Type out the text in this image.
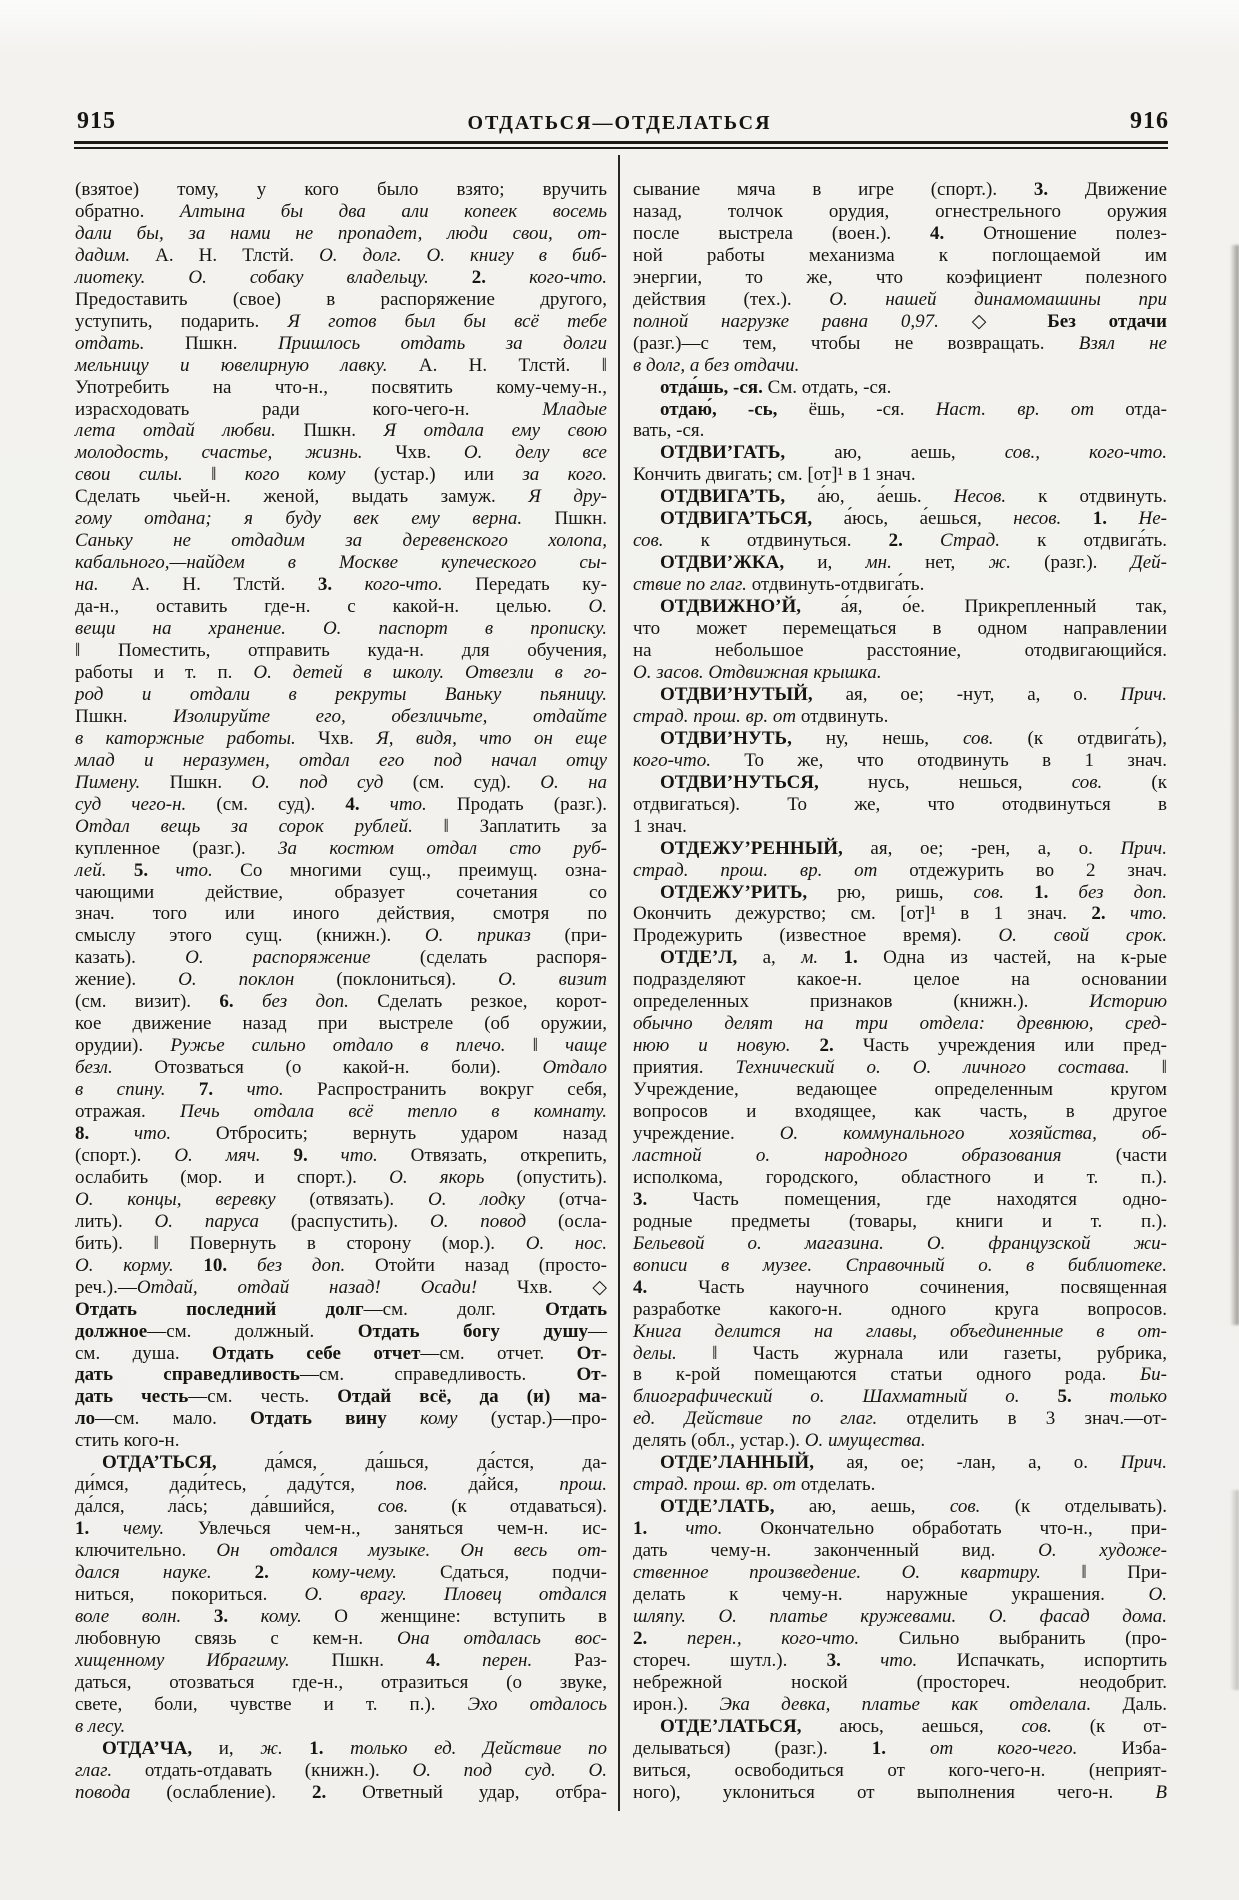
915	ОТДАТЬСЯ—ОТДЕЛАТЬСЯ	916
(взятое) тому, у кого было взято; вручить
обратно. Алтына бы два али копеек восемь
дали бы, за нами не пропадет, люди свои, от-
дадим. А. Н. Тлстй. О. долг. О. книгу в биб-
лиотеку. О. собаку владельцу. 2. кого-что.
Предоставить (свое) в распоряжение другого,
уступить, подарить. Я готов был бы всё тебе
отдать. Пшкн. Пришлось отдать за долги
мельницу и ювелирную лавку. А. Н. Тлстй. ‖
Употребить на что-н., посвятить кому-чему-н.,
израсходовать ради кого-чего-н. Младые
лета отдай любви. Пшкн. Я отдала ему свою
молодость, счастье, жизнь. Чхв. О. делу все
свои силы. ‖ кого кому (устар.) или за кого.
Сделать чьей-н. женой, выдать замуж. Я дру-
гому отдана; я буду век ему верна. Пшкн.
Саньку не отдадим за деревенского холопа,
кабального,—найдем в Москве купеческого сы-
на. А. Н. Тлстй. 3. кого-что. Передать ку-
да-н., оставить где-н. с какой-н. целью. О.
вещи на хранение. О. паспорт в прописку.
‖ Поместить, отправить куда-н. для обучения,
работы и т. п. О. детей в школу. Отвезли в го-
род и отдали в рекруты Ваньку пьяницу.
Пшкн. Изолируйте его, обезличьте, отдайте
в каторжные работы. Чхв. Я, видя, что он еще
млад и неразумен, отдал его под начал отцу
Пимену. Пшкн. О. под суд (см. суд). О. на
суд чего-н. (см. суд). 4. что. Продать (разг.).
Отдал вещь за сорок рублей. ‖ Заплатить за
купленное (разг.). За костюм отдал сто руб-
лей. 5. что. Со многими сущ., преимущ. озна-
чающими действие, образует сочетания со
знач. того или иного действия, смотря по
смыслу этого сущ. (книжн.). О. приказ (при-
казать). О. распоряжение (сделать распоря-
жение). О. поклон (поклониться). О. визит
(см. визит). 6. без доп. Сделать резкое, корот-
кое движение назад при выстреле (об оружии,
орудии). Ружье сильно отдало в плечо. ‖ чаще
безл. Отозваться (о какой-н. боли). Отдало
в спину. 7. что. Распространить вокруг себя,
отражая. Печь отдала всё тепло в комнату.
8. что. Отбросить; вернуть ударом назад
(спорт.). О. мяч. 9. что. Отвязать, открепить,
ослабить (мор. и спорт.). О. якорь (опустить).
О. концы, веревку (отвязать). О. лодку (отча-
лить). О. паруса (распустить). О. повод (осла-
бить). ‖ Повернуть в сторону (мор.). О. нос.
О. корму. 10. без доп. Отойти назад (просто-
реч.).—Отдай, отдай назад! Осади! Чхв. ◇
Отдать последний долг—см. долг. Отдать
должное—см. должный. Отдать богу душу—
см. душа. Отдать себе отчет—см. отчет. От-
дать справедливость—см. справедливость. От-
дать честь—см. честь. Отдай всё, да (и) ма-
ло—см. мало. Отдать вину кому (устар.)—про-
стить кого-н.
ОТДА’ТЬСЯ, да́мся, да́шься, да́стся, да-
ди́мся, дади́тесь, даду́тся, пов. да́йся, прош.
да́лся, ла́сь; да́вшийся, сов. (к отдаваться).
1. чему. Увлечься чем-н., заняться чем-н. ис-
ключительно. Он отдался музыке. Он весь от-
дался науке. 2. кому-чему. Сдаться, подчи-
ниться, покориться. О. врагу. Пловец отдался
воле волн. 3. кому. О женщине: вступить в
любовную связь с кем-н. Она отдалась вос-
хищенному Ибрагиму. Пшкн. 4. перен. Раз-
даться, отозваться где-н., отразиться (о звуке,
свете, боли, чувстве и т. п.). Эхо отдалось
в лесу.
ОТДА’ЧА, и, ж. 1. только ед. Действие по
глаг. отдать-отдавать (книжн.). О. под суд. О.
повода (ослабление). 2. Ответный удар, отбра-
сывание мяча в игре (спорт.). 3. Движение
назад, толчок орудия, огнестрельного оружия
после выстрела (воен.). 4. Отношение полез-
ной работы механизма к поглощаемой им
энергии, то же, что коэфициент полезного
действия (тех.). О. нашей динамомашины при
полной нагрузке равна 0,97. ◇ Без отдачи
(разг.)—с тем, чтобы не возвращать. Взял не
в долг, а без отдачи.
отда́шь, -ся. См. отдать, -ся.
отдаю́, -сь, ёшь, -ся. Наст. вр. от отда-
вать, -ся.
ОТДВИ’ГАТЬ, аю, аешь, сов., кого-что.
Кончить двигать; см. [от]¹ в 1 знач.
ОТДВИГА’ТЬ, а́ю, а́ешь. Несов. к отдвинуть.
ОТДВИГА’ТЬСЯ, а́юсь, а́ешься, несов. 1. Не-
сов. к отдвинуться. 2. Страд. к отдвига́ть.
ОТДВИ’ЖКА, и, мн. нет, ж. (разг.). Дей-
ствие по глаг. отдвинуть-отдвига́ть.
ОТДВИЖНО’Й, а́я, о́е. Прикрепленный так,
что может перемещаться в одном направлении
на небольшое расстояние, отодвигающийся.
О. засов. Отдвижная крышка.
ОТДВИ’НУТЫЙ, ая, ое; -нут, а, о. Прич.
страд. прош. вр. от отдвинуть.
ОТДВИ’НУТЬ, ну, нешь, сов. (к отдвига́ть),
кого-что. То же, что отодвинуть в 1 знач.
ОТДВИ’НУТЬСЯ, нусь, нешься, сов. (к
отдвигаться). То же, что отодвинуться в
1 знач.
ОТДЕЖУ’РЕННЫЙ, ая, ое; -рен, а, о. Прич.
страд. прош. вр. от отдежурить во 2 знач.
ОТДЕЖУ’РИТЬ, рю, ришь, сов. 1. без доп.
Окончить дежурство; см. [от]¹ в 1 знач. 2. что.
Продежурить (известное время). О. свой срок.
ОТДЕ’Л, а, м. 1. Одна из частей, на к-рые
подразделяют какое-н. целое на основании
определенных признаков (книжн.). Историю
обычно делят на три отдела: древнюю, сред-
нюю и новую. 2. Часть учреждения или пред-
приятия. Технический о. О. личного состава. ‖
Учреждение, ведающее определенным кругом
вопросов и входящее, как часть, в другое
учреждение. О. коммунального хозяйства, об-
ластной о. народного образования (части
исполкома, городского, областного и т. п.).
3. Часть помещения, где находятся одно-
родные предметы (товары, книги и т. п.).
Бельевой о. магазина. О. французской жи-
вописи в музее. Справочный о. в библиотеке.
4. Часть научного сочинения, посвященная
разработке какого-н. одного круга вопросов.
Книга делится на главы, объединенные в от-
делы. ‖ Часть журнала или газеты, рубрика,
в к-рой помещаются статьи одного рода. Би-
блиографический о. Шахматный о. 5. только
ед. Действие по глаг. отделить в 3 знач.—от-
делять (обл., устар.). О. имущества.
ОТДЕ’ЛАННЫЙ, ая, ое; -лан, а, о. Прич.
страд. прош. вр. от отделать.
ОТДЕ’ЛАТЬ, аю, аешь, сов. (к отделывать).
1. что. Окончательно обработать что-н., при-
дать чему-н. законченный вид. О. художе-
ственное произведение. О. квартиру. ‖ При-
делать к чему-н. наружные украшения. О.
шляпу. О. платье кружевами. О. фасад дома.
2. перен., кого-что. Сильно выбранить (про-
стореч. шутл.). 3. что. Испачкать, испортить
небрежной ноской (простореч. неодобрит.
ирон.). Эка девка, платье как отделала. Даль.
ОТДЕ’ЛАТЬСЯ, аюсь, аешься, сов. (к от-
делываться) (разг.). 1. от кого-чего. Изба-
виться, освободиться от кого-чего-н. (неприят-
ного), уклониться от выполнения чего-н. В
